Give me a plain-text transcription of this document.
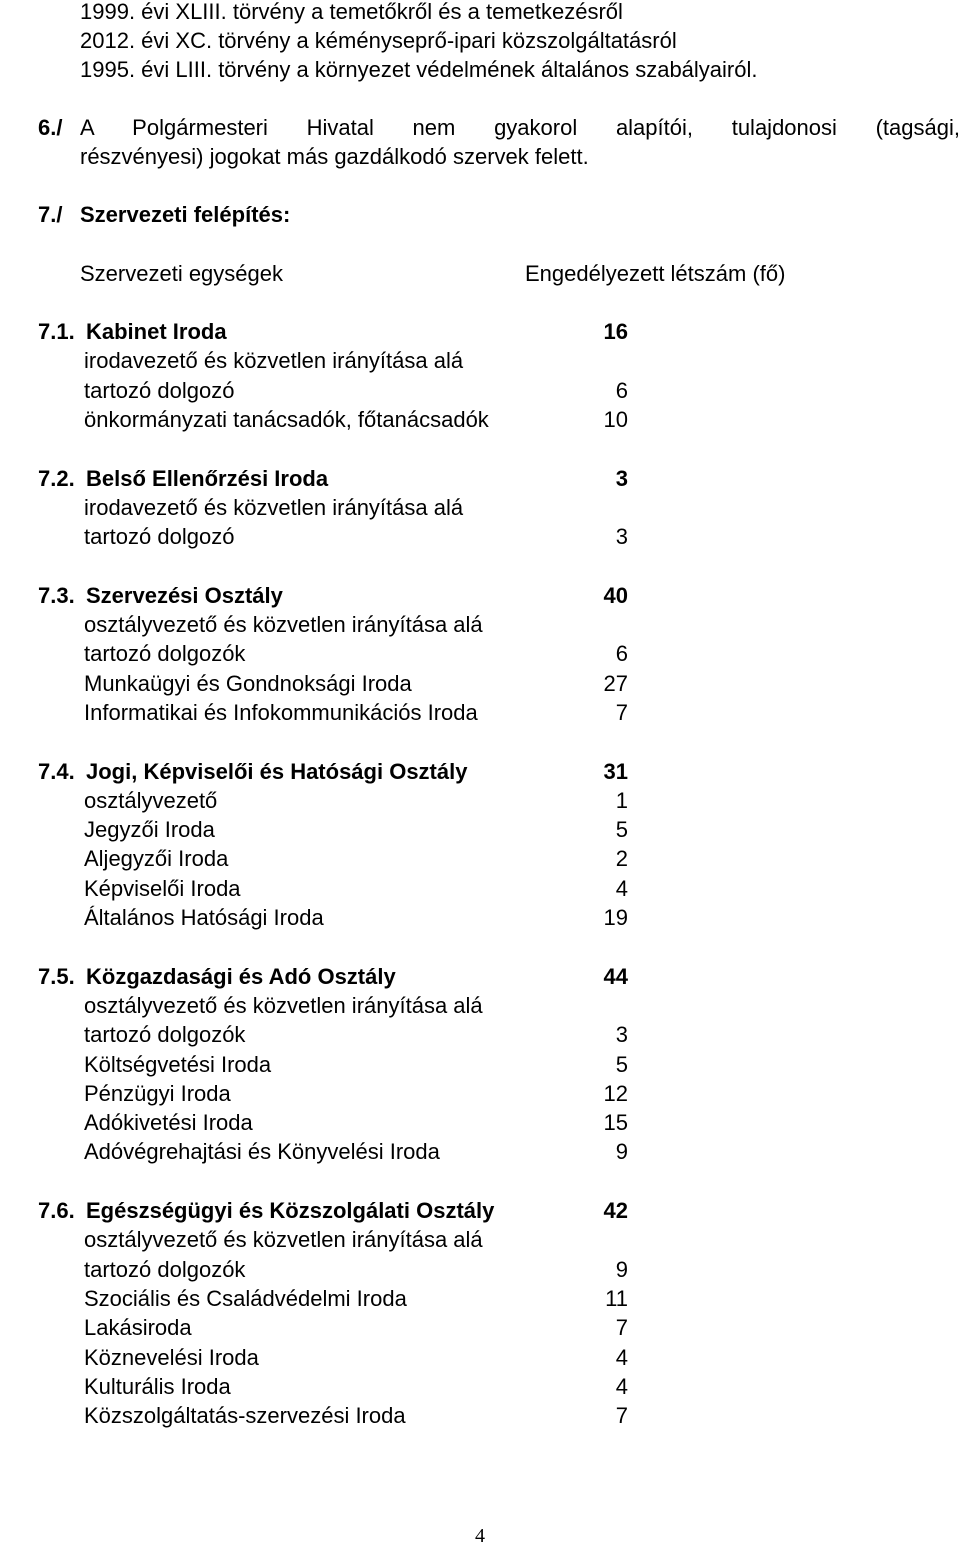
1999. évi XLIII. törvény a temetőkről és a temetkezésről
2012. évi XC. törvény a kéményseprő-ipari közszolgáltatásról
1995. évi LIII. törvény a környezet védelmének általános szabályairól.
6./ A Polgármesteri Hivatal nem gyakorol alapítói, tulajdonosi (tagsági,
részvényesi) jogokat más gazdálkodó szervek felett.
7./ Szervezeti felépítés:
Szervezeti egységek	Engedélyezett létszám (fő)
7.1. Kabinet Iroda	16
irodavezető és közvetlen irányítása alá
tartozó dolgozó	6
önkormányzati tanácsadók, főtanácsadók	10
7.2. Belső Ellenőrzési Iroda	3
irodavezető és közvetlen irányítása alá
tartozó dolgozó	3
7.3. Szervezési Osztály	40
osztályvezető és közvetlen irányítása alá
tartozó dolgozók	6
Munkaügyi és Gondnoksági Iroda	27
Informatikai és Infokommunikációs Iroda	7
7.4. Jogi, Képviselői és Hatósági Osztály	31
osztályvezető	1
Jegyzői Iroda	5
Aljegyzői Iroda	2
Képviselői Iroda	4
Általános Hatósági Iroda	19
7.5. Közgazdasági és Adó Osztály	44
osztályvezető és közvetlen irányítása alá
tartozó dolgozók	3
Költségvetési Iroda	5
Pénzügyi Iroda	12
Adókivetési Iroda	15
Adóvégrehajtási és Könyvelési Iroda	9
7.6. Egészségügyi és Közszolgálati Osztály	42
osztályvezető és közvetlen irányítása alá
tartozó dolgozók	9
Szociális és Családvédelmi Iroda	11
Lakásiroda	7
Köznevelési Iroda	4
Kulturális Iroda	4
Közszolgáltatás-szervezési Iroda	7
4
